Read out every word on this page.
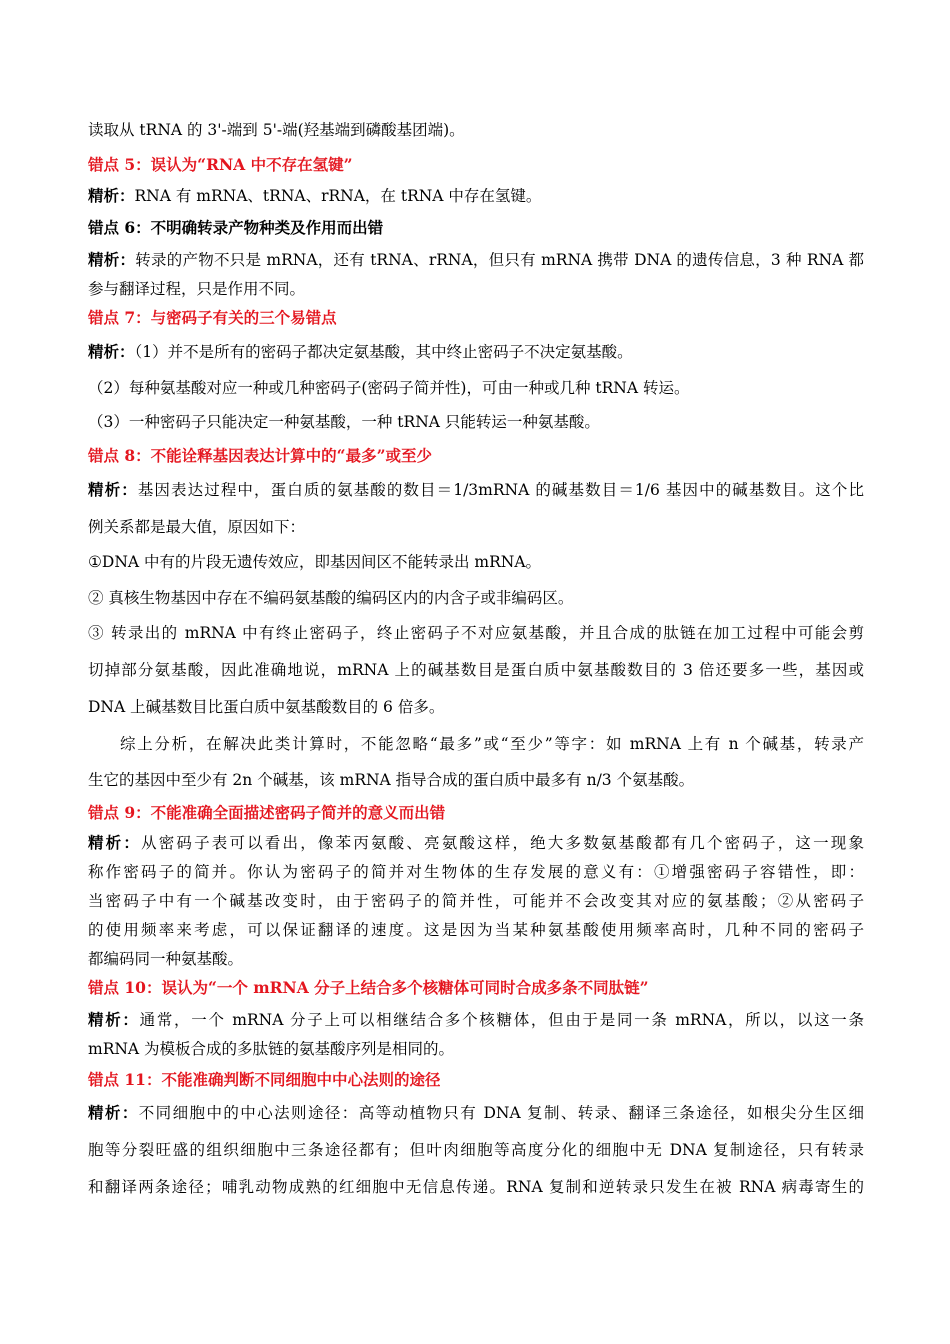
读取从 tRNA 的 3'-端到 5'-端(羟基端到磷酸基团端)。
错点 5：误认为“RNA 中不存在氢键”
精析：RNA 有 mRNA、tRNA、rRNA，在 tRNA 中存在氢键。
错点 6：不明确转录产物种类及作用而出错
精析：转录的产物不只是 mRNA，还有 tRNA、rRNA，但只有 mRNA 携带 DNA 的遗传信息，3 种 RNA 都
参与翻译过程，只是作用不同。
错点 7：与密码子有关的三个易错点
精析：（1）并不是所有的密码子都决定氨基酸，其中终止密码子不决定氨基酸。
（2）每种氨基酸对应一种或几种密码子(密码子简并性)，可由一种或几种 tRNA 转运。
（3）一种密码子只能决定一种氨基酸，一种 tRNA 只能转运一种氨基酸。
错点 8：不能诠释基因表达计算中的“最多”或至少
精析：基因表达过程中，蛋白质的氨基酸的数目＝1/3mRNA 的碱基数目＝1/6 基因中的碱基数目。这个比
例关系都是最大值，原因如下：
①DNA 中有的片段无遗传效应，即基因间区不能转录出 mRNA。
② 真核生物基因中存在不编码氨基酸的编码区内的内含子或非编码区。
③ 转录出的 mRNA 中有终止密码子，终止密码子不对应氨基酸，并且合成的肽链在加工过程中可能会剪
切掉部分氨基酸，因此准确地说，mRNA 上的碱基数目是蛋白质中氨基酸数目的 3 倍还要多一些，基因或
DNA 上碱基数目比蛋白质中氨基酸数目的 6 倍多。
综上分析，在解决此类计算时，不能忽略“最多”或“至少”等字：如 mRNA 上有 n 个碱基，转录产
生它的基因中至少有 2n 个碱基，该 mRNA 指导合成的蛋白质中最多有 n/3 个氨基酸。
错点 9：不能准确全面描述密码子简并的意义而出错
精析：从密码子表可以看出，像苯丙氨酸、亮氨酸这样，绝大多数氨基酸都有几个密码子，这一现象
称作密码子的简并。你认为密码子的简并对生物体的生存发展的意义有：①增强密码子容错性，即：
当密码子中有一个碱基改变时，由于密码子的简并性，可能并不会改变其对应的氨基酸；②从密码子
的使用频率来考虑，可以保证翻译的速度。这是因为当某种氨基酸使用频率高时，几种不同的密码子
都编码同一种氨基酸。
错点 10：误认为“一个 mRNA 分子上结合多个核糖体可同时合成多条不同肽链”
精析：通常，一个 mRNA 分子上可以相继结合多个核糖体，但由于是同一条 mRNA，所以，以这一条
mRNA 为模板合成的多肽链的氨基酸序列是相同的。
错点 11：不能准确判断不同细胞中中心法则的途径
精析：不同细胞中的中心法则途径：高等动植物只有 DNA 复制、转录、翻译三条途径，如根尖分生区细
胞等分裂旺盛的组织细胞中三条途径都有；但叶肉细胞等高度分化的细胞中无 DNA 复制途径，只有转录
和翻译两条途径；哺乳动物成熟的红细胞中无信息传递。RNA 复制和逆转录只发生在被 RNA 病毒寄生的
